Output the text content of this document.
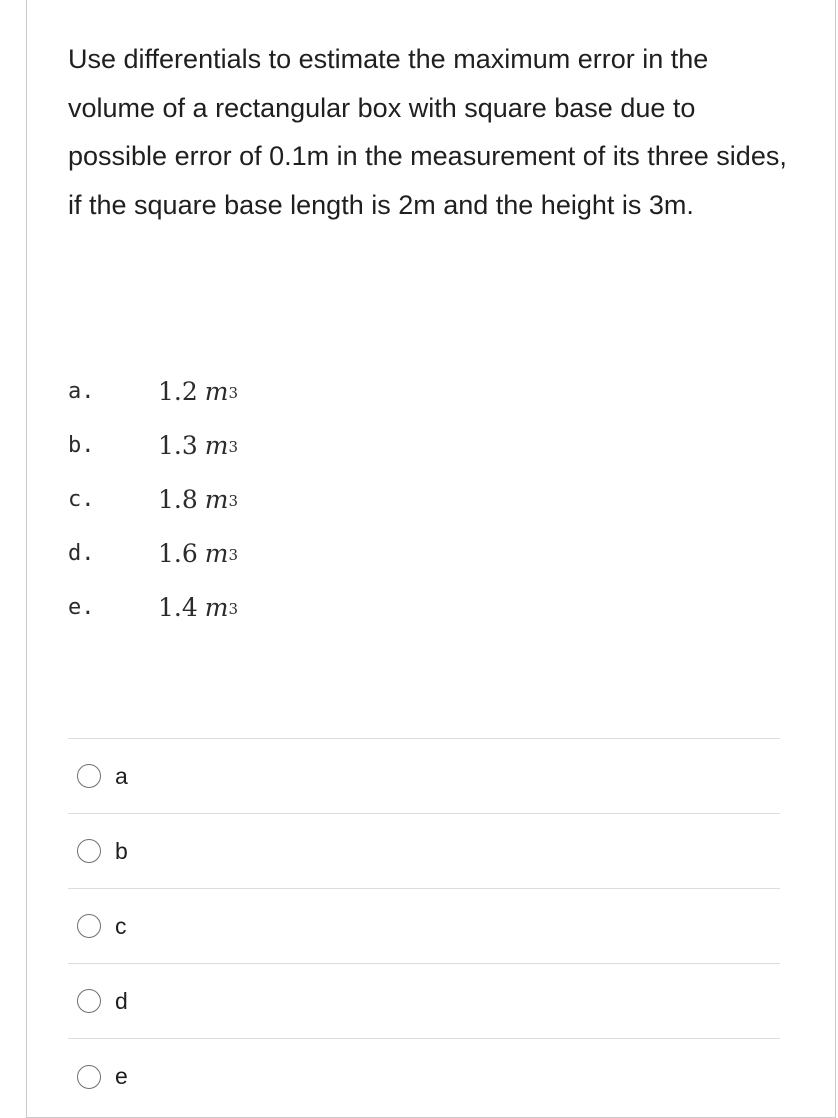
Use differentials to estimate the maximum error in the volume of a rectangular box with square base due to possible error of 0.1m in the measurement of its three sides, if the square base length is 2m and the height is 3m.

a.	1.2 $m^3$
b.	1.3 $m^3$
c.	1.8 $m^3$
d.	1.6 $m^3$
e.	1.4 $m^3$
a
b
c
d
e
